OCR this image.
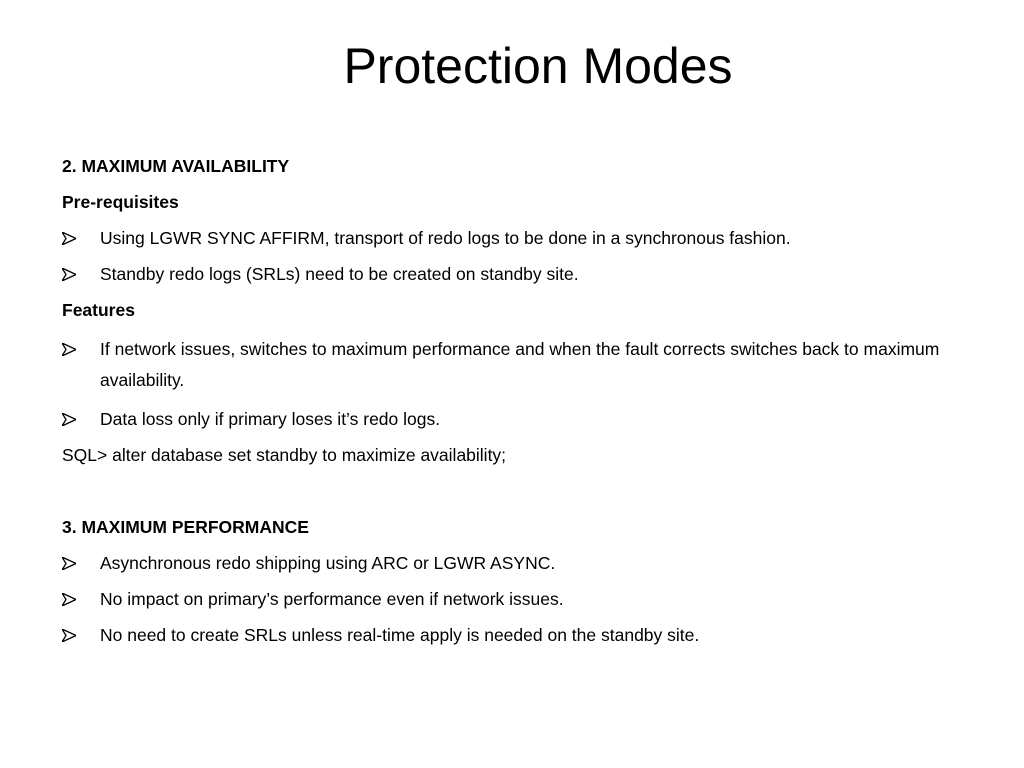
Protection Modes

2. MAXIMUM AVAILABILITY

Pre-requisites

Using LGWR SYNC AFFIRM, transport of redo logs to be done in a synchronous fashion.
Standby redo logs (SRLs) need to be created on standby site.

Features

If network issues, switches to maximum performance and when the fault corrects switches back to maximum availability.
Data loss only if primary loses it’s redo logs.

SQL> alter database set standby to maximize availability;

3. MAXIMUM PERFORMANCE

Asynchronous redo shipping using ARC or LGWR ASYNC.
No impact on primary’s performance even if network issues.
No need to create SRLs unless real-time apply is needed on the standby site.
